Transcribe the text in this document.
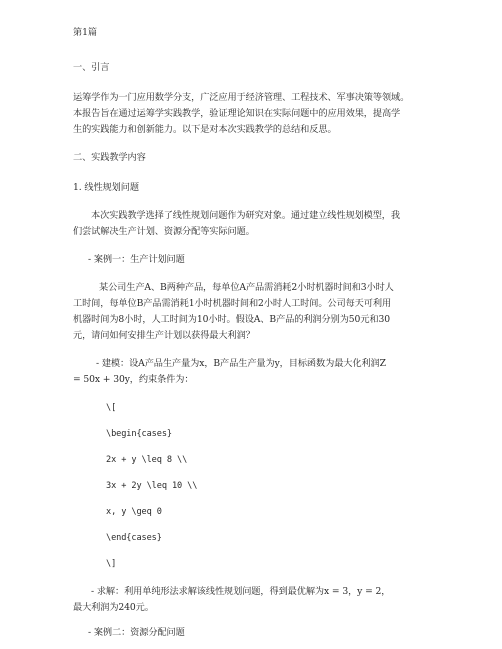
第1篇
一、引言
运筹学作为一门应用数学分支，广泛应用于经济管理、工程技术、军事决策等领域。
本报告旨在通过运筹学实践教学，验证理论知识在实际问题中的应用效果，提高学
生的实践能力和创新能力。以下是对本次实践教学的总结和反思。
二、实践教学内容
1. 线性规划问题
本次实践教学选择了线性规划问题作为研究对象。通过建立线性规划模型，我
们尝试解决生产计划、资源分配等实际问题。
- 案例一：生产计划问题
某公司生产A、B两种产品，每单位A产品需消耗2小时机器时间和3小时人
工时间，每单位B产品需消耗1小时机器时间和2小时人工时间。公司每天可利用
机器时间为8小时，人工时间为10小时。假设A、B产品的利润分别为50元和30
元，请问如何安排生产计划以获得最大利润？
- 建模：设A产品生产量为x，B产品生产量为y，目标函数为最大化利润Z
= 50x + 30y，约束条件为：
\[
\begin{cases}
2x + y \leq 8 \\
3x + 2y \leq 10 \\
x, y \geq 0
\end{cases}
\]
- 求解：利用单纯形法求解该线性规划问题，得到最优解为x = 3，y = 2，
最大利润为240元。
- 案例二：资源分配问题
